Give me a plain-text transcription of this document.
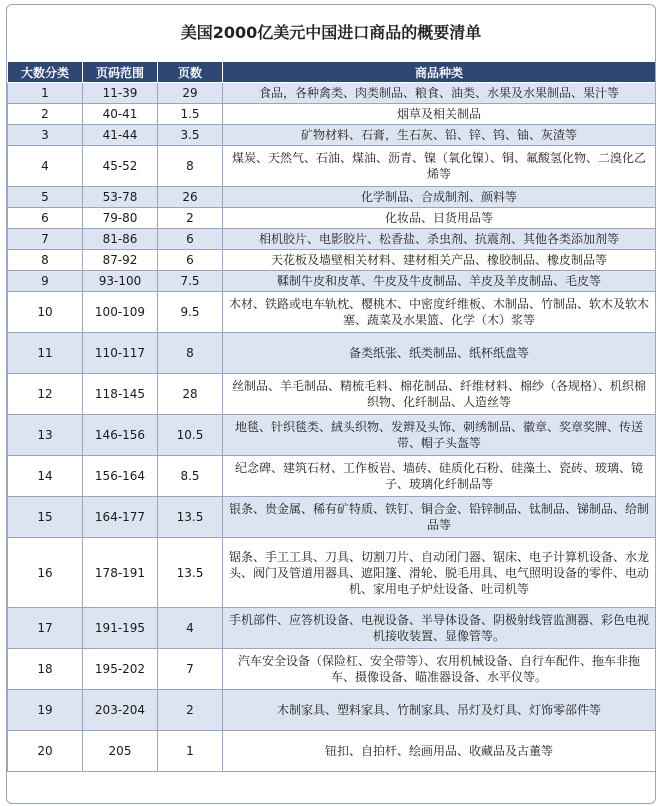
美国2000亿美元中国进口商品的概要清单
大数分类	页码范围	页数	商品种类
1	11-39	29	食品，各种禽类、肉类制品、粮食、油类、水果及水果制品、果汁等
2	40-41	1.5	烟草及相关制品
3	41-44	3.5	矿物材料、石膏，生石灰、铅、锌、钨、铀、灰渣等
4	45-52	8	煤炭、天然气、石油、煤油、沥青、镍（氧化镍）、铜、氟酸氢化物、二溴化乙烯等
5	53-78	26	化学制品、合成制剂、颜料等
6	79-80	2	化妆品、日货用品等
7	81-86	6	相机胶片、电影胶片、松香盐、杀虫剂、抗震剂、其他各类添加剂等
8	87-92	6	天花板及墙壁相关材料、建材相关产品、橡胶制品、橡皮制品等
9	93-100	7.5	鞣制牛皮和皮革、牛皮及牛皮制品、羊皮及羊皮制品、毛皮等
10	100-109	9.5	木材、铁路或电车轨枕、樱桃木、中密度纤维板、木制品、竹制品、软木及软木塞、蔬菜及水果篮、化学（木）浆等
11	110-117	8	备类纸张、纸类制品、纸杯纸盘等
12	118-145	28	丝制品、羊毛制品、精梳毛料、棉花制品、纤维材料、棉纱（各规格）、机织棉织物、化纤制品、人造丝等
13	146-156	10.5	地毯、针织毯类、絨头织物、发辫及头饰、刺绣制品、徽章、奖章奖牌、传送带、帽子头盔等
14	156-164	8.5	纪念碑、建筑石材、工作板岩、墙砖、硅质化石粉、硅藻土、瓷砖、玻璃、镜子、玻璃化纤制品等
15	164-177	13.5	银条、贵金属、稀有矿特质、铁钉、铜合金、铅锌制品、钛制品、锑制品、给制品等
16	178-191	13.5	锯条、手工工具、刀具、切割刀片、自动闭门器、锯床、电子计算机设备、水龙头、阀门及管道用器具、遮阳篷、滑轮、脱毛用具、电气照明设备的零件、电动机、家用电子炉灶设备、吐司机等
17	191-195	4	手机部件、应答机设备、电视设备、半导体设备、阴极射线管监测器、彩色电视机接收装置、显像管等。
18	195-202	7	汽车安全设备（保险杠、安全带等）、农用机械设备、自行车配件、拖车非拖车、摄像设备、瞄准器设备、水平仪等。
19	203-204	2	木制家具、塑料家具、竹制家具、吊灯及灯具、灯饰零部件等
20	205	1	钮扣、自拍杆、绘画用品、收藏品及古董等
